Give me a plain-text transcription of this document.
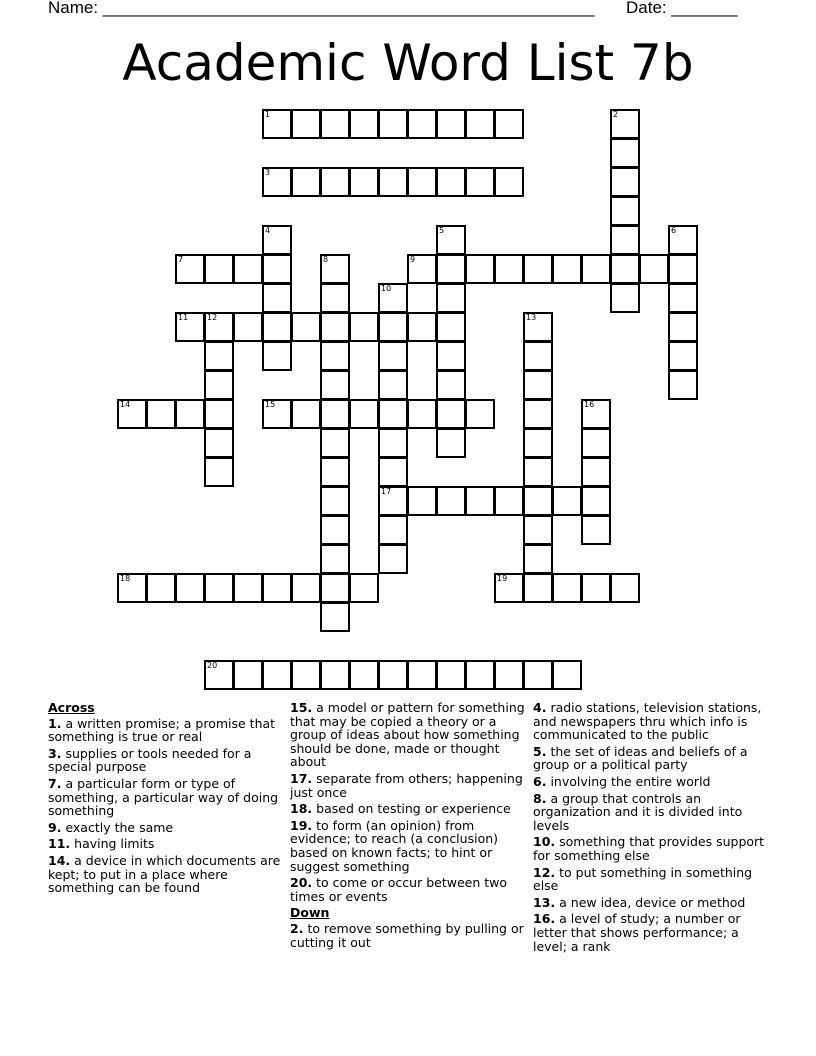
Name: ____________________________________________________ Date: _______
Academic Word List 7b
1	2
3
4	5	6
7	8	9
10
11 12	13
14	15	16
17
18	19
20
Across
1. a written promise; a promise that something is true or real
3. supplies or tools needed for a special purpose
7. a particular form or type of something, a particular way of doing something
9. exactly the same
11. having limits
14. a device in which documents are kept; to put in a place where something can be found
15. a model or pattern for something that may be copied a theory or a group of ideas about how something should be done, made or thought about
17. separate from others; happening just once
18. based on testing or experience
19. to form (an opinion) from evidence; to reach (a conclusion) based on known facts; to hint or suggest something
20. to come or occur between two times or events
Down
2. to remove something by pulling or cutting it out
4. radio stations, television stations, and newspapers thru which info is communicated to the public
5. the set of ideas and beliefs of a group or a political party
6. involving the entire world
8. a group that controls an organization and it is divided into levels
10. something that provides support for something else
12. to put something in something else
13. a new idea, device or method
16. a level of study; a number or letter that shows performance; a level; a rank
